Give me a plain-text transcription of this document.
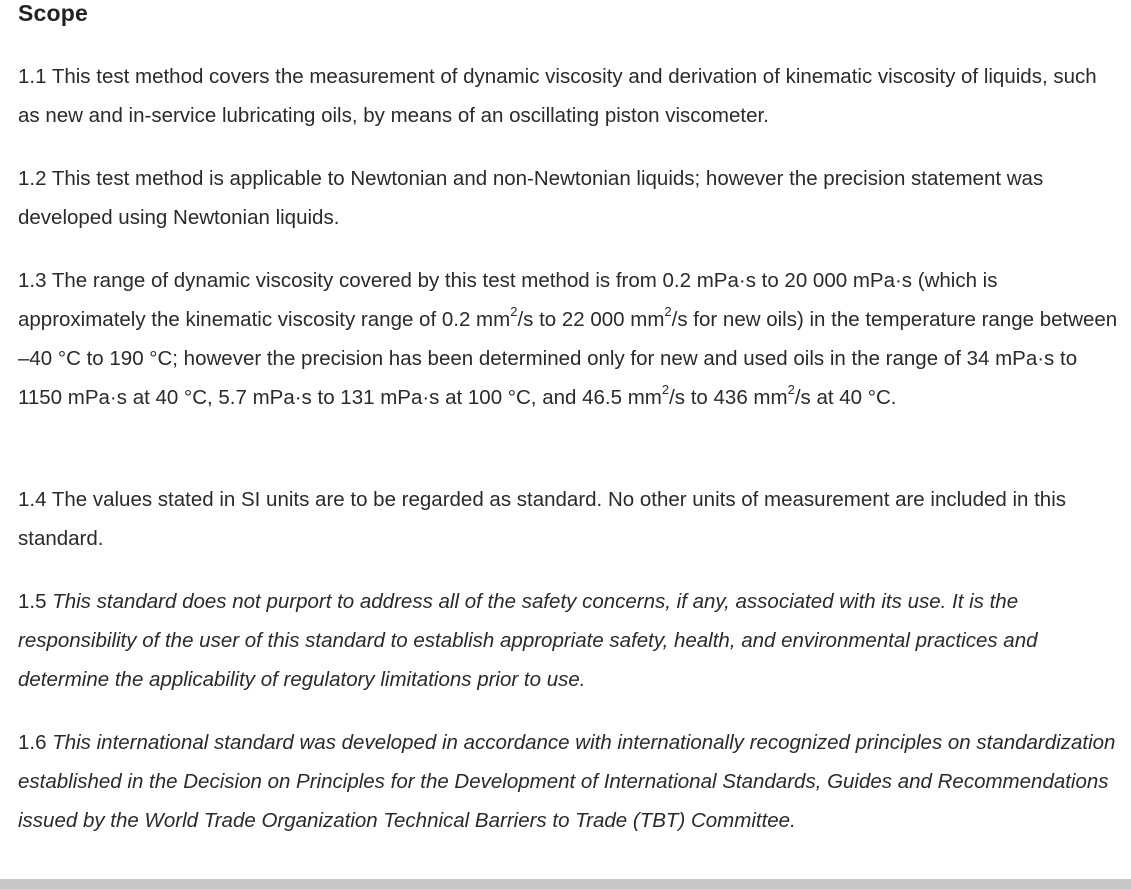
Scope

1.1 This test method covers the measurement of dynamic viscosity and derivation of kinematic viscosity of liquids, such as new and in-service lubricating oils, by means of an oscillating piston viscometer.

1.2 This test method is applicable to Newtonian and non-Newtonian liquids; however the precision statement was developed using Newtonian liquids.

1.3 The range of dynamic viscosity covered by this test method is from 0.2 mPa·s to 20 000 mPa·s (which is approximately the kinematic viscosity range of 0.2 $mm^2/s$ to 22 000 $mm^2/s$ for new oils) in the temperature range between –40 °C to 190 °C; however the precision has been determined only for new and used oils in the range of 34 mPa·s to 1150 mPa·s at 40 °C, 5.7 mPa·s to 131 mPa·s at 100 °C, and 46.5 $mm^2/s$ to 436 $mm^2/s$ at 40 °C.

1.4 The values stated in SI units are to be regarded as standard. No other units of measurement are included in this standard.

1.5 This standard does not purport to address all of the safety concerns, if any, associated with its use. It is the responsibility of the user of this standard to establish appropriate safety, health, and environmental practices and determine the applicability of regulatory limitations prior to use.

1.6 This international standard was developed in accordance with internationally recognized principles on standardization established in the Decision on Principles for the Development of International Standards, Guides and Recommendations issued by the World Trade Organization Technical Barriers to Trade (TBT) Committee.
